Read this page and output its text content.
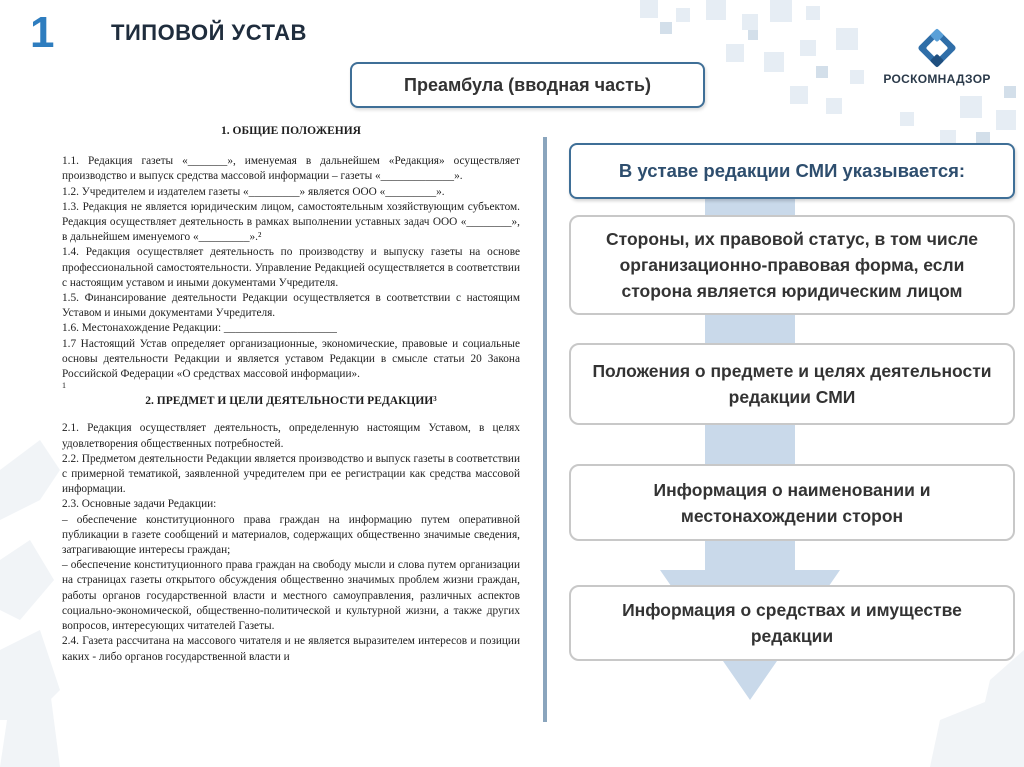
1	ТИПОВОЙ УСТАВ
РОСКОМНАДЗОР
Преамбула (вводная часть)
1. ОБЩИЕ ПОЛОЖЕНИЯ

1.1. Редакция газеты «_______», именуемая в дальнейшем «Редакция» осуществляет производство и выпуск средства массовой информации – газеты «_____________».

1.2. Учредителем и издателем газеты «_________» является ООО «_________».

1.3. Редакция не является юридическим лицом, самостоятельным хозяйствующим субъектом. Редакция осуществляет деятельность в рамках выполнении уставных задач ООО «________», в дальнейшем именуемого «_________».²

1.4. Редакция осуществляет деятельность по производству и выпуску газеты на основе профессиональной самостоятельности. Управление Редакцией осуществляется в соответствии с настоящим уставом и иными документами Учредителя.

1.5. Финансирование деятельности Редакции осуществляется в соответствии с настоящим Уставом и иными документами Учредителя.

1.6. Местонахождение Редакции: ____________________

1.7 Настоящий Устав определяет организационные, экономические, правовые и социальные основы деятельности Редакции и является уставом Редакции в смысле статьи 20 Закона Российской Федерации «О средствах массовой информации».

1
2. ПРЕДМЕТ И ЦЕЛИ ДЕЯТЕЛЬНОСТИ РЕДАКЦИИ³

2.1. Редакция осуществляет деятельность, определенную настоящим Уставом, в целях удовлетворения общественных потребностей.

2.2. Предметом деятельности Редакции является производство и выпуск газеты в соответствии с примерной тематикой, заявленной учредителем при ее регистрации как средства массовой информации.

2.3. Основные задачи Редакции:

– обеспечение конституционного права граждан на информацию путем оперативной публикации в газете сообщений и материалов, содержащих общественно значимые сведения, затрагивающие интересы граждан;

– обеспечение конституционного права граждан на свободу мысли и слова путем организации на страницах газеты открытого обсуждения общественно значимых проблем жизни граждан, работы органов государственной власти и местного самоуправления, различных аспектов социально-экономической, общественно-политической и культурной жизни, а также других вопросов, интересующих читателей Газеты.

2.4. Газета рассчитана на массового читателя и не является выразителем интересов и позиции каких - либо органов государственной власти и

В уставе редакции СМИ указывается:
Стороны, их правовой статус, в том числе организационно-правовая форма, если сторона является юридическим лицом
Положения о предмете и целях деятельности редакции СМИ
Информация о наименовании и местонахождении сторон
Информация о средствах и имуществе редакции
